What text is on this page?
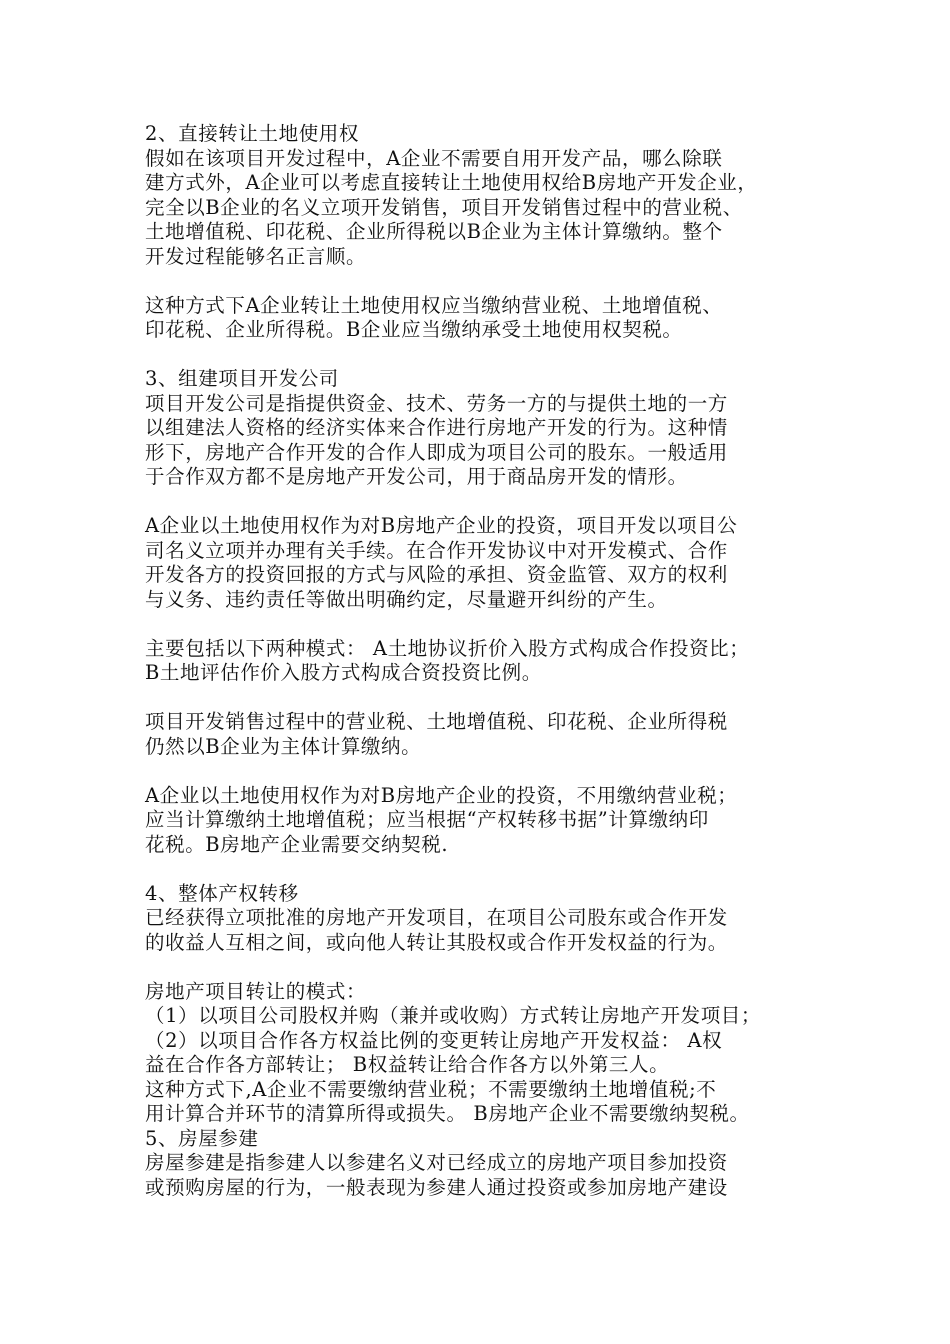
2、直接转让土地使用权
假如在该项目开发过程中，A企业不需要自用开发产品，哪么除联
建方式外，A企业可以考虑直接转让土地使用权给B房地产开发企业，
完全以B企业的名义立项开发销售，项目开发销售过程中的营业税、
土地增值税、印花税、企业所得税以B企业为主体计算缴纳。整个
开发过程能够名正言顺。
这种方式下A企业转让土地使用权应当缴纳营业税、土地增值税、
印花税、企业所得税。B企业应当缴纳承受土地使用权契税。
3、组建项目开发公司
项目开发公司是指提供资金、技术、劳务一方的与提供土地的一方
以组建法人资格的经济实体来合作进行房地产开发的行为。这种情
形下，房地产合作开发的合作人即成为项目公司的股东。一般适用
于合作双方都不是房地产开发公司，用于商品房开发的情形。
A企业以土地使用权作为对B房地产企业的投资，项目开发以项目公
司名义立项并办理有关手续。在合作开发协议中对开发模式、合作
开发各方的投资回报的方式与风险的承担、资金监管、双方的权利
与义务、违约责任等做出明确约定，尽量避开纠纷的产生。
主要包括以下两种模式： A土地协议折价入股方式构成合作投资比；
B土地评估作价入股方式构成合资投资比例。
项目开发销售过程中的营业税、土地增值税、印花税、企业所得税
仍然以B企业为主体计算缴纳。
A企业以土地使用权作为对B房地产企业的投资，不用缴纳营业税；
应当计算缴纳土地增值税；应当根据“产权转移书据”计算缴纳印
花税。B房地产企业需要交纳契税.
4、整体产权转移
已经获得立项批准的房地产开发项目，在项目公司股东或合作开发
的收益人互相之间，或向他人转让其股权或合作开发权益的行为。
房地产项目转让的模式：
（1）以项目公司股权并购（兼并或收购）方式转让房地产开发项目；
（2）以项目合作各方权益比例的变更转让房地产开发权益： A权
益在合作各方部转让； B权益转让给合作各方以外第三人。
这种方式下,A企业不需要缴纳营业税；不需要缴纳土地增值税;不
用计算合并环节的清算所得或损失。 B房地产企业不需要缴纳契税。
5、房屋参建
房屋参建是指参建人以参建名义对已经成立的房地产项目参加投资
或预购房屋的行为，一般表现为参建人通过投资或参加房地产建设
